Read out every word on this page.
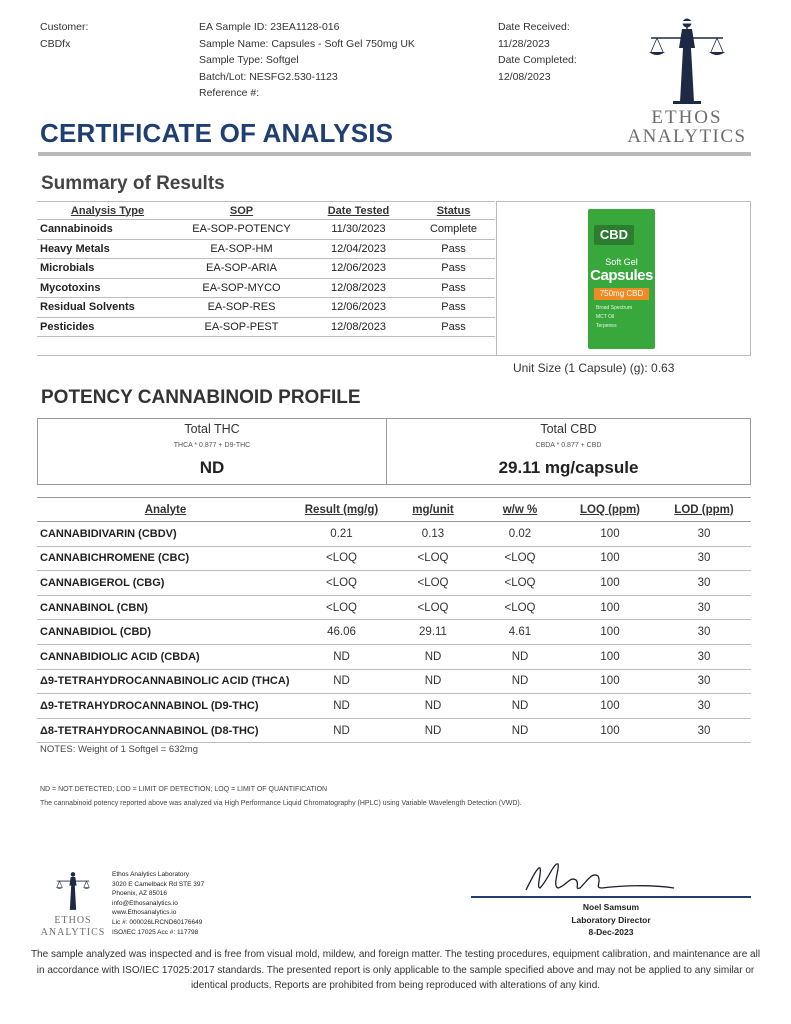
Customer:
CBDfx
EA Sample ID: 23EA1128-016
Sample Name: Capsules - Soft Gel 750mg UK
Sample Type: Softgel
Batch/Lot: NESFG2.530-1123
Reference #:
Date Received:
11/28/2023
Date Completed:
12/08/2023
ETHOS
ANALYTICS
CERTIFICATE OF ANALYSIS
Summary of Results
Analysis Type	SOP	Date Tested	Status
Cannabinoids	EA-SOP-POTENCY	11/30/2023	Complete
Heavy Metals	EA-SOP-HM	12/04/2023	Pass
Microbials	EA-SOP-ARIA	12/06/2023	Pass
Mycotoxins	EA-SOP-MYCO	12/08/2023	Pass
Residual Solvents	EA-SOP-RES	12/06/2023	Pass
Pesticides	EA-SOP-PEST	12/08/2023	Pass
CBD
Soft Gel
Capsules
750mg CBD
Broad Spectrum
MCT Oil
Terpenes
Unit Size (1 Capsule) (g): 0.63
POTENCY CANNABINOID PROFILE
Total THC
THCA * 0.877 + D9-THC
ND
Total CBD
CBDA * 0.877 + CBD
29.11 mg/capsule
Analyte	Result (mg/g)	mg/unit	w/w %	LOQ (ppm)	LOD (ppm)
CANNABIDIVARIN (CBDV)	0.21	0.13	0.02	100	30
CANNABICHROMENE (CBC)	<LOQ	<LOQ	<LOQ	100	30
CANNABIGEROL (CBG)	<LOQ	<LOQ	<LOQ	100	30
CANNABINOL (CBN)	<LOQ	<LOQ	<LOQ	100	30
CANNABIDIOL (CBD)	46.06	29.11	4.61	100	30
CANNABIDIOLIC ACID (CBDA)	ND	ND	ND	100	30
Δ9-TETRAHYDROCANNABINOLIC ACID (THCA)	ND	ND	ND	100	30
Δ9-TETRAHYDROCANNABINOL (D9-THC)	ND	ND	ND	100	30
Δ8-TETRAHYDROCANNABINOL (D8-THC)	ND	ND	ND	100	30
NOTES: Weight of 1 Softgel = 632mg
ND = NOT DETECTED; LOD = LIMIT OF DETECTION; LOQ = LIMIT OF QUANTIFICATION
The cannabinoid potency reported above was analyzed via High Performance Liquid Chromatography (HPLC) using Variable Wavelength Detection (VWD).
ETHOS
ANALYTICS
Ethos Analytics Laboratory
3020 E Camelback Rd STE 397
Phoenix, AZ 85016
info@Ethosanalytics.io
www.Ethosanalytics.io
Lic #: 000026LRCND60176649
ISO/IEC 17025 Acc #: 117798
Noel Samsum
Laboratory Director
8-Dec-2023
The sample analyzed was inspected and is free from visual mold, mildew, and foreign matter. The testing procedures, equipment calibration, and maintenance are all in accordance with ISO/IEC 17025:2017 standards. The presented report is only applicable to the sample specified above and may not be applied to any similar or identical products. Reports are prohibited from being reproduced with alterations of any kind.
